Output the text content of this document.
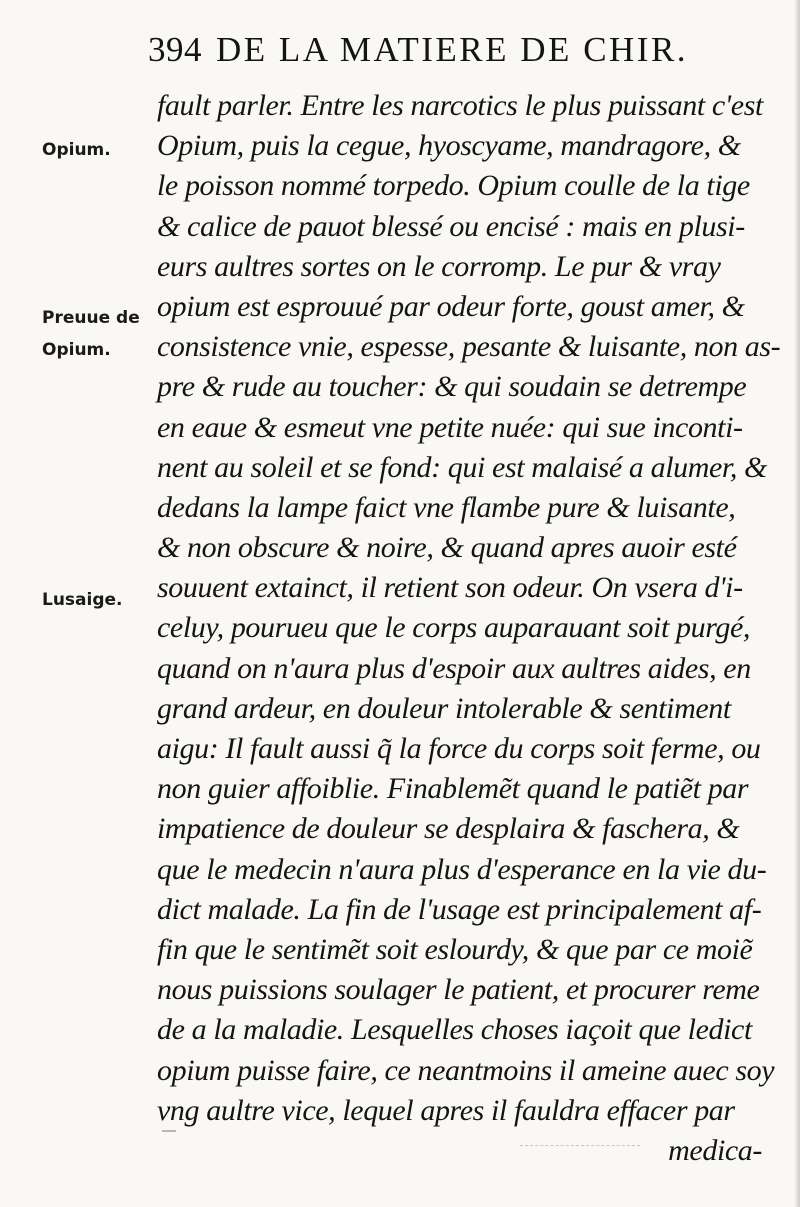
394 DE LA MATIERE DE CHIR.
Opium.
Preuue de
Opium.
Lusaige.
fault parler. Entre les narcotics le plus puissant c'est
Opium, puis la cegue, hyoscyame, mandragore, &
le poisson nommé torpedo. Opium coulle de la tige
& calice de pauot blessé ou encisé : mais en plusi-
eurs aultres sortes on le corromp. Le pur & vray
opium est esprouué par odeur forte, goust amer, &
consistence vnie, espesse, pesante & luisante, non as-
pre & rude au toucher: & qui soudain se detrempe
en eaue & esmeut vne petite nuée: qui sue inconti-
nent au soleil et se fond: qui est malaisé a alumer, &
dedans la lampe faict vne flambe pure & luisante,
& non obscure & noire, & quand apres auoir esté
souuent extainct, il retient son odeur. On vsera d'i-
celuy, pourueu que le corps auparauant soit purgé,
quand on n'aura plus d'espoir aux aultres aides, en
grand ardeur, en douleur intolerable & sentiment
aigu: Il fault aussi q̃ la force du corps soit ferme, ou
non guier affoiblie. Finablemẽt quand le patiẽt par
impatience de douleur se desplaira & faschera, &
que le medecin n'aura plus d'esperance en la vie du-
dict malade. La fin de l'usage est principalement af-
fin que le sentimẽt soit eslourdy, & que par ce moiẽ
nous puissions soulager le patient, et procurer reme
de a la maladie. Lesquelles choses iaçoit que ledict
opium puisse faire, ce neantmoins il ameine auec soy
vng aultre vice, lequel apres il fauldra effacer par
medica-
